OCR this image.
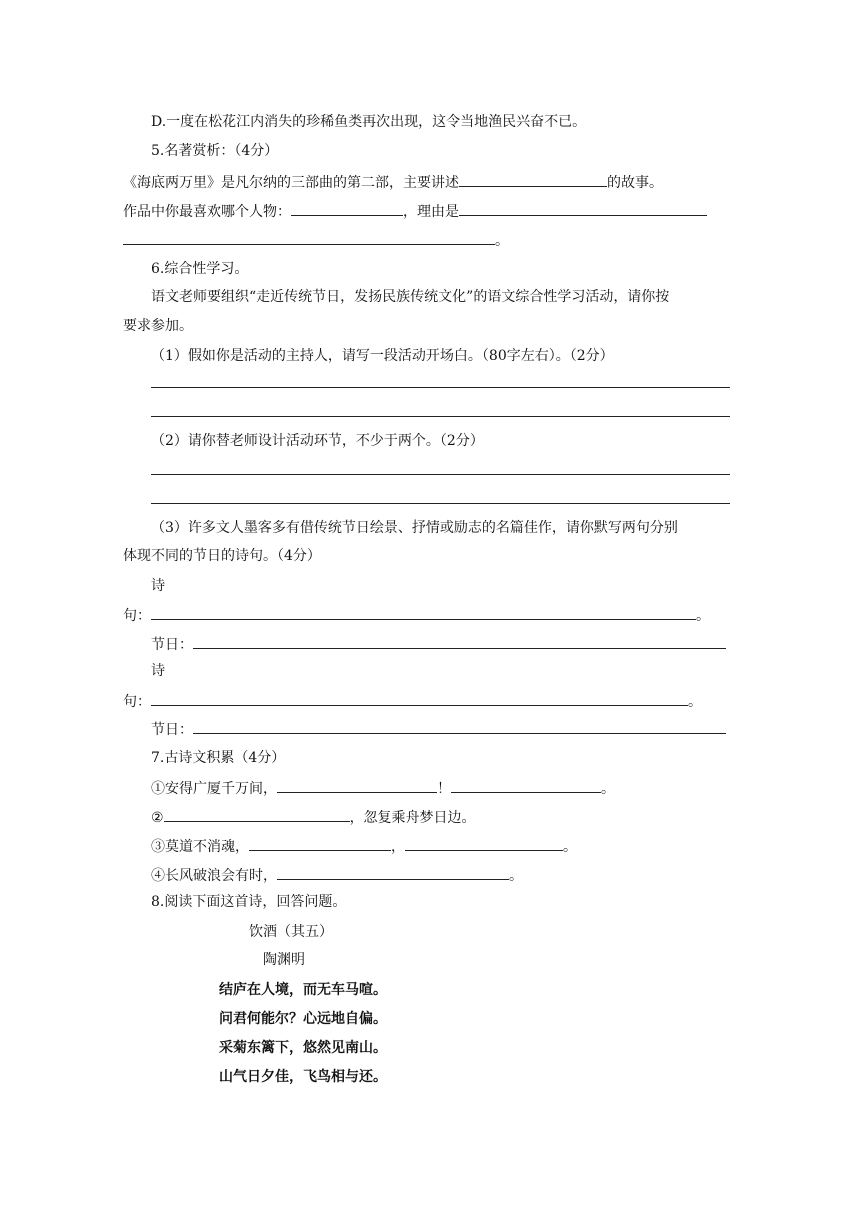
D.一度在松花江内消失的珍稀鱼类再次出现，这令当地渔民兴奋不已。
5.名著赏析：（4分）
《海底两万里》是凡尔纳的三部曲的第二部，主要讲述	的故事。
作品中你最喜欢哪个人物：	，理由是
。
6.综合性学习。
语文老师要组织“走近传统节日，发扬民族传统文化”的语文综合性学习活动，请你按
要求参加。
（1）假如你是活动的主持人，请写一段活动开场白。（80字左右）。（2分）
（2）请你替老师设计活动环节，不少于两个。（2分）
（3）许多文人墨客多有借传统节日绘景、抒情或励志的名篇佳作，请你默写两句分别
体现不同的节日的诗句。（4分）
诗
句：	。
节日：
诗
句：	。
节日：
7.古诗文积累（4分）
①安得广厦千万间，	！	。
②	，忽复乘舟梦日边。
③莫道不消魂，	，	。
④长风破浪会有时，	。
8.阅读下面这首诗，回答问题。
饮酒（其五）
陶渊明
结庐在人境，而无车马喧。
问君何能尔？心远地自偏。
采菊东篱下，悠然见南山。
山气日夕佳，飞鸟相与还。
